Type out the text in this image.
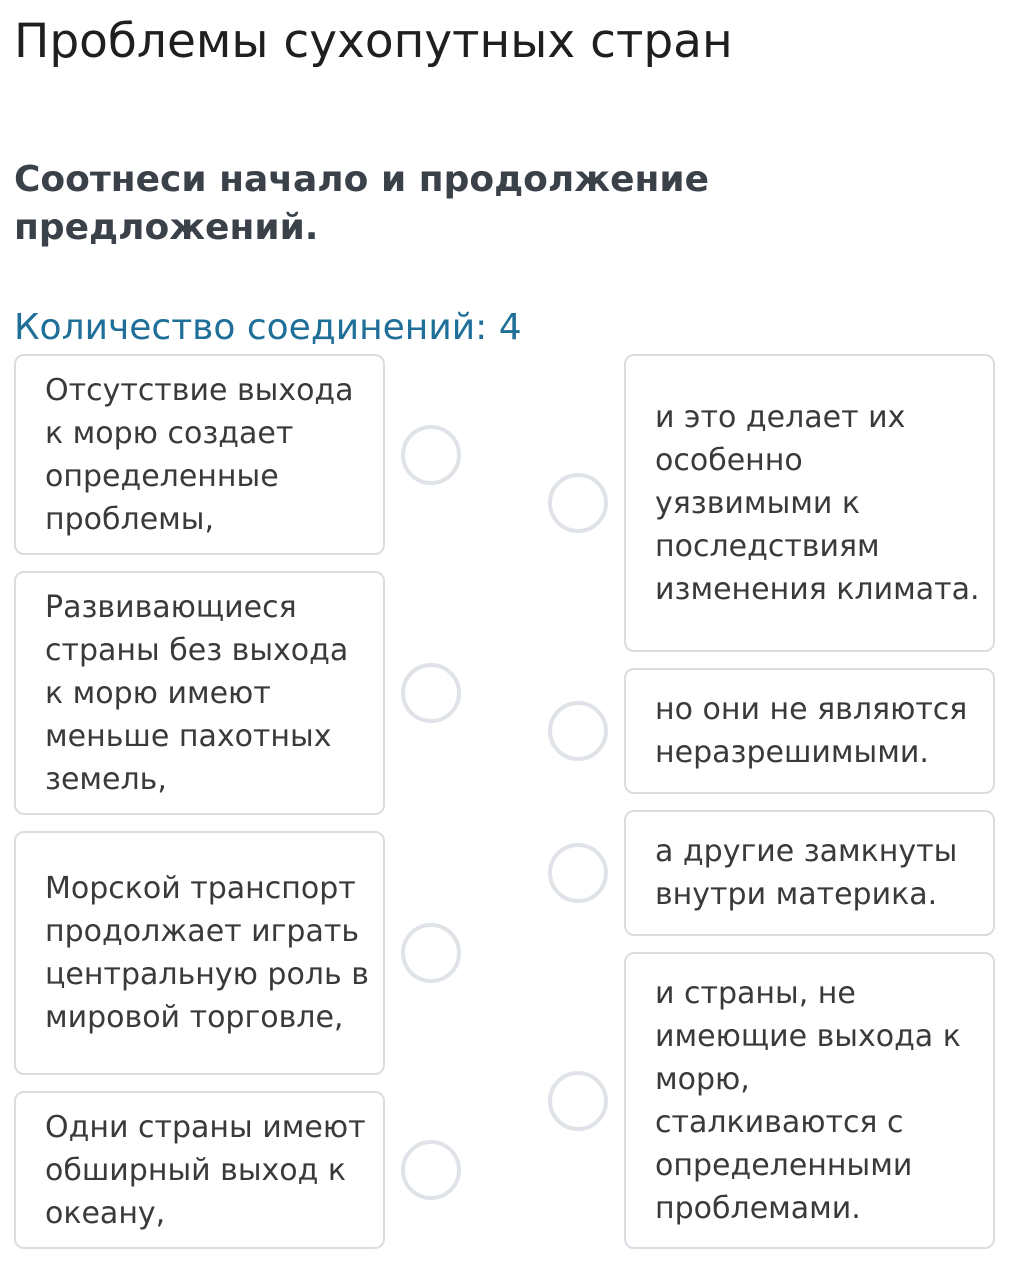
Проблемы сухопутных стран

Соотнеси начало и продолжение предложений.

Количество соединений: 4
Отсутствие выхода к морю создает определенные проблемы,
Развивающиеся страны без выхода к морю имеют меньше пахотных земель,
Морской транспорт продолжает играть центральную роль в мировой торговле,
Одни страны имеют обширный выход к океану,
и это делает их особенно уязвимыми к последствиям изменения климата.
но они не являются неразрешимыми.
а другие замкнуты внутри материка.
и страны, не имеющие выхода к морю, сталкиваются с определенными проблемами.
